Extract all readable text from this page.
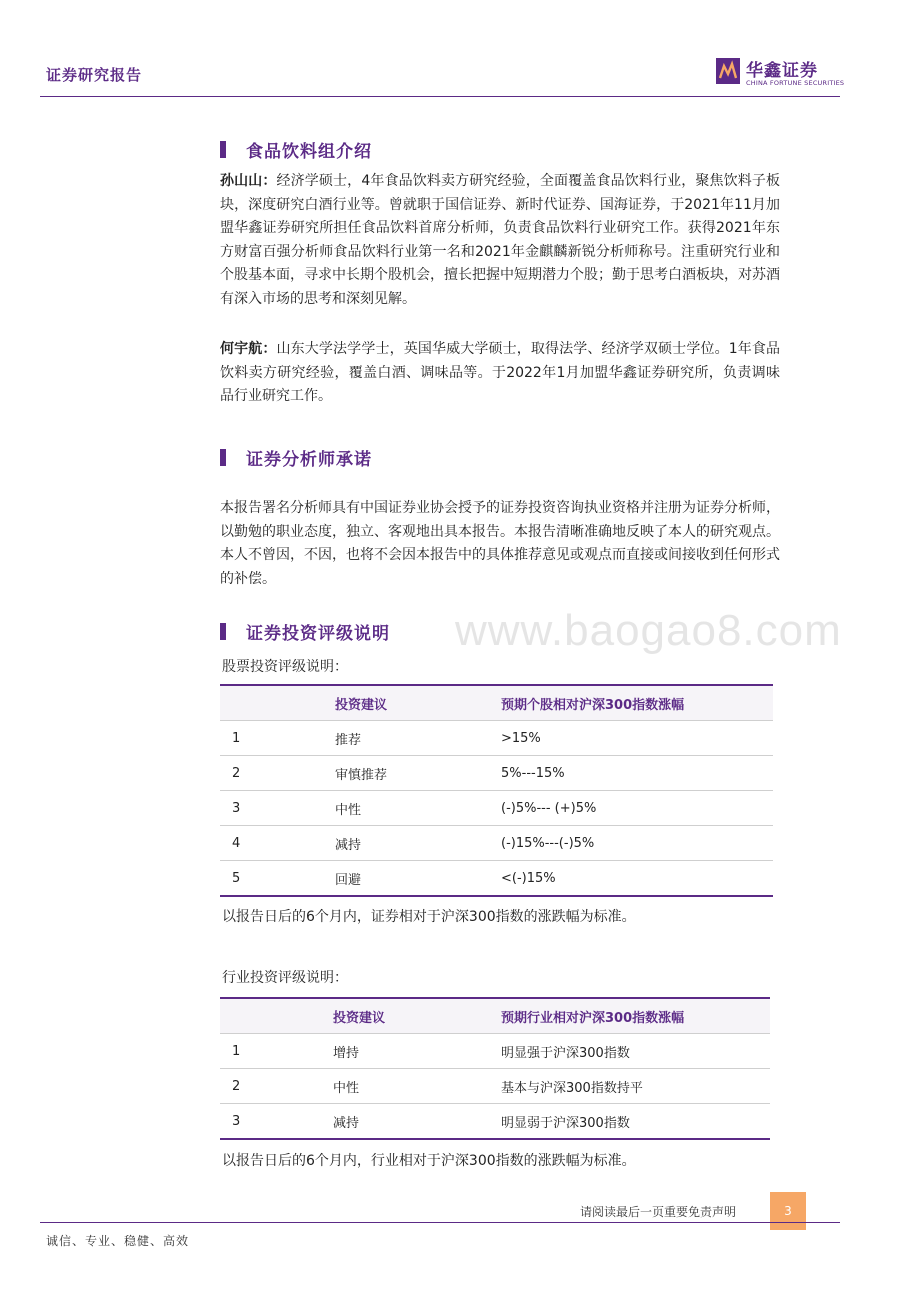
证券研究报告	华鑫证券
CHINA FORTUNE SECURITIES
食品饮料组介绍
孙山山：经济学硕士，4年食品饮料卖方研究经验，全面覆盖食品饮料行业，聚焦饮料子板块，深度研究白酒行业等。曾就职于国信证券、新时代证券、国海证券，于2021年11月加盟华鑫证券研究所担任食品饮料首席分析师，负责食品饮料行业研究工作。获得2021年东方财富百强分析师食品饮料行业第一名和2021年金麒麟新锐分析师称号。注重研究行业和个股基本面，寻求中长期个股机会，擅长把握中短期潜力个股；勤于思考白酒板块，对苏酒有深入市场的思考和深刻见解。
何宇航：山东大学法学学士，英国华威大学硕士，取得法学、经济学双硕士学位。1年食品饮料卖方研究经验，覆盖白酒、调味品等。于2022年1月加盟华鑫证券研究所，负责调味品行业研究工作。
证券分析师承诺
本报告署名分析师具有中国证券业协会授予的证券投资咨询执业资格并注册为证券分析师，以勤勉的职业态度，独立、客观地出具本报告。本报告清晰准确地反映了本人的研究观点。本人不曾因，不因，也将不会因本报告中的具体推荐意见或观点而直接或间接收到任何形式的补偿。
证券投资评级说明 www.baogao8.com
股票投资评级说明：
	投资建议	预期个股相对沪深300指数涨幅
1	推荐	>15%
2	审慎推荐	5%---15%
3	中性	(-)5%--- (+)5%
4	减持	(-)15%---(-)5%
5	回避	<(-)15%
以报告日后的6个月内，证券相对于沪深300指数的涨跌幅为标准。
行业投资评级说明：
	投资建议	预期行业相对沪深300指数涨幅
1	增持	明显强于沪深300指数
2	中性	基本与沪深300指数持平
3	减持	明显弱于沪深300指数
以报告日后的6个月内，行业相对于沪深300指数的涨跌幅为标准。
请阅读最后一页重要免责声明	3
诚信、专业、稳健、高效
